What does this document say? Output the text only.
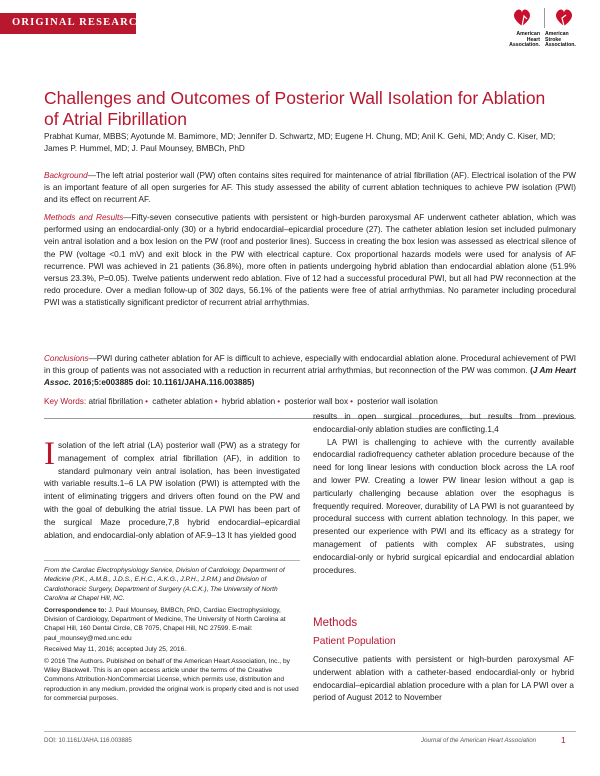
ORIGINAL RESEARCH
American
Heart
Association.
American
Stroke
Association.
Challenges and Outcomes of Posterior Wall Isolation for Ablation of Atrial Fibrillation
Prabhat Kumar, MBBS; Ayotunde M. Bamimore, MD; Jennifer D. Schwartz, MD; Eugene H. Chung, MD; Anil K. Gehi, MD; Andy C. Kiser, MD; James P. Hummel, MD; J. Paul Mounsey, BMBCh, PhD

Background—The left atrial posterior wall (PW) often contains sites required for maintenance of atrial fibrillation (AF). Electrical isolation of the PW is an important feature of all open surgeries for AF. This study assessed the ability of current ablation techniques to achieve PW isolation (PWI) and its effect on recurrent AF.

Methods and Results—Fifty-seven consecutive patients with persistent or high-burden paroxysmal AF underwent catheter ablation, which was performed using an endocardial-only (30) or a hybrid endocardial–epicardial procedure (27). The catheter ablation lesion set included pulmonary vein antral isolation and a box lesion on the PW (roof and posterior lines). Success in creating the box lesion was assessed as electrical silence of the PW (voltage <0.1 mV) and exit block in the PW with electrical capture. Cox proportional hazards models were used for analysis of AF recurrence. PWI was achieved in 21 patients (36.8%), more often in patients undergoing hybrid ablation than endocardial ablation alone (51.9% versus 23.3%, P=0.05). Twelve patients underwent redo ablation. Five of 12 had a successful procedural PWI, but all had PW reconnection at the redo procedure. Over a median follow-up of 302 days, 56.1% of the patients were free of atrial arrhythmias. No parameter including procedural PWI was a statistically significant predictor of recurrent atrial arrhythmias.

Conclusions—PWI during catheter ablation for AF is difficult to achieve, especially with endocardial ablation alone. Procedural achievement of PWI in this group of patients was not associated with a reduction in recurrent atrial arrhythmias, but reconnection of the PW was common. (J Am Heart Assoc. 2016;5:e003885 doi: 10.1161/JAHA.116.003885)

Key Words: atrial fibrillation • catheter ablation • hybrid ablation • posterior wall box • posterior wall isolation
Isolation of the left atrial (LA) posterior wall (PW) as a strategy for management of complex atrial fibrillation (AF), in addition to standard pulmonary vein antral isolation, has been investigated with variable results.1–6 LA PW isolation (PWI) is attempted with the intent of eliminating triggers and drivers often found on the PW and with the goal of debulking the atrial tissue. LA PWI has been part of the surgical Maze procedure,7,8 hybrid endocardial–epicardial ablation, and endocardial-only ablation of AF.9–13 It has yielded good

From the Cardiac Electrophysiology Service, Division of Cardiology, Department of Medicine (P.K., A.M.B., J.D.S., E.H.C., A.K.G., J.P.H., J.P.M.) and Division of Cardiothoracic Surgery, Department of Surgery (A.C.K.), The University of North Carolina at Chapel Hill, NC.

Correspondence to: J. Paul Mounsey, BMBCh, PhD, Cardiac Electrophysiology, Division of Cardiology, Department of Medicine, The University of North Carolina at Chapel Hill, 160 Dental Circle, CB 7075, Chapel Hill, NC 27599. E-mail: paul_mounsey@med.unc.edu

Received May 11, 2016; accepted July 25, 2016.

© 2016 The Authors. Published on behalf of the American Heart Association, Inc., by Wiley Blackwell. This is an open access article under the terms of the Creative Commons Attribution-NonCommercial License, which permits use, distribution and reproduction in any medium, provided the original work is properly cited and is not used for commercial purposes.

results in open surgical procedures, but results from previous endocardial-only ablation studies are conflicting.1,4

LA PWI is challenging to achieve with the currently available endocardial radiofrequency catheter ablation procedure because of the need for long linear lesions with conduction block across the LA roof and lower PW. Creating a lower PW linear lesion without a gap is particularly challenging because ablation over the esophagus is frequently required. Moreover, durability of LA PWI is not guaranteed by procedural success with current ablation technology. In this paper, we presented our experience with PWI and its efficacy as a strategy for management of patients with complex AF substrates, using endocardial-only or hybrid surgical epicardial and endocardial ablation procedures.

Methods
Patient Population
Consecutive patients with persistent or high-burden paroxysmal AF underwent ablation with a catheter-based endocardial-only or hybrid endocardial–epicardial ablation procedure with a plan for LA PWI over a period of August 2012 to November
DOI: 10.1161/JAHA.116.003885	Journal of the American Heart Association	1
